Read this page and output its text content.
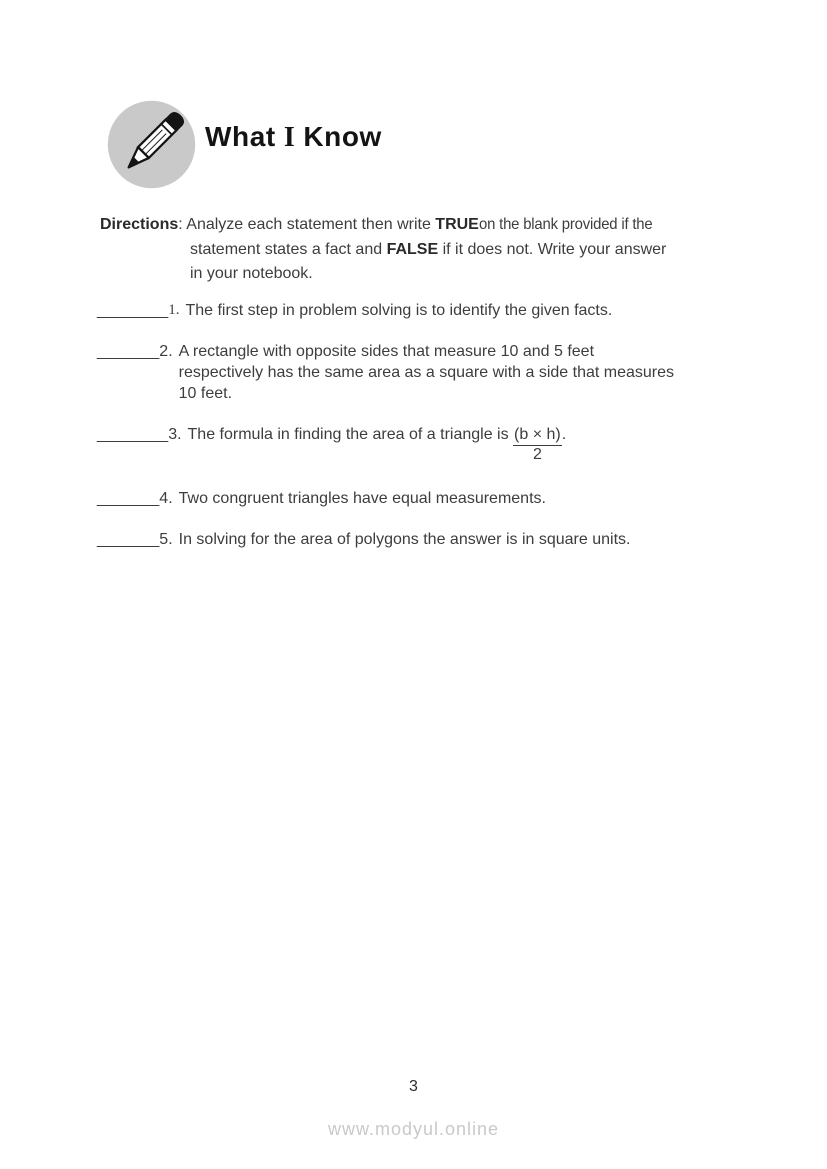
What I Know
Directions: Analyze each statement then write TRUEon the blank provided if the
statement states a fact and FALSE if it does not. Write your answer
in your notebook.
________ 1. The first step in problem solving is to identify the given facts.
_______ 2. A rectangle with opposite sides that measure 10 and 5 feet
respectively has the same area as a square with a side that measures
10 feet.
________ 3. The formula in finding the area of a triangle is $\frac{(b \times h)}{2}$ .
_______ 4. Two congruent triangles have equal measurements.
_______ 5. In solving for the area of polygons the answer is in square units.
3
www.modyul.online
